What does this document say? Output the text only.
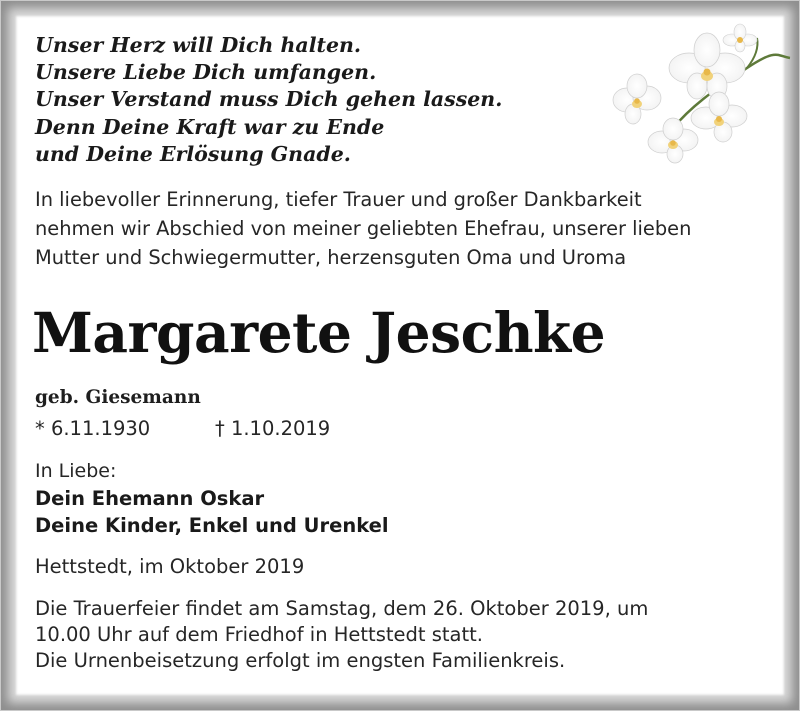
Unser Herz will Dich halten.
Unsere Liebe Dich umfangen.
Unser Verstand muss Dich gehen lassen.
Denn Deine Kraft war zu Ende
und Deine Erlösung Gnade.
In liebevoller Erinnerung, tiefer Trauer und großer Dankbarkeit
nehmen wir Abschied von meiner geliebten Ehefrau, unserer lieben
Mutter und Schwiegermutter, herzensguten Oma und Uroma
Margarete Jeschke
geb. Giesemann
* 6.11.1930	† 1.10.2019
In Liebe:
Dein Ehemann Oskar
Deine Kinder, Enkel und Urenkel
Hettstedt, im Oktober 2019
Die Trauerfeier findet am Samstag, dem 26. Oktober 2019, um
10.00 Uhr auf dem Friedhof in Hettstedt statt.
Die Urnenbeisetzung erfolgt im engsten Familienkreis.
